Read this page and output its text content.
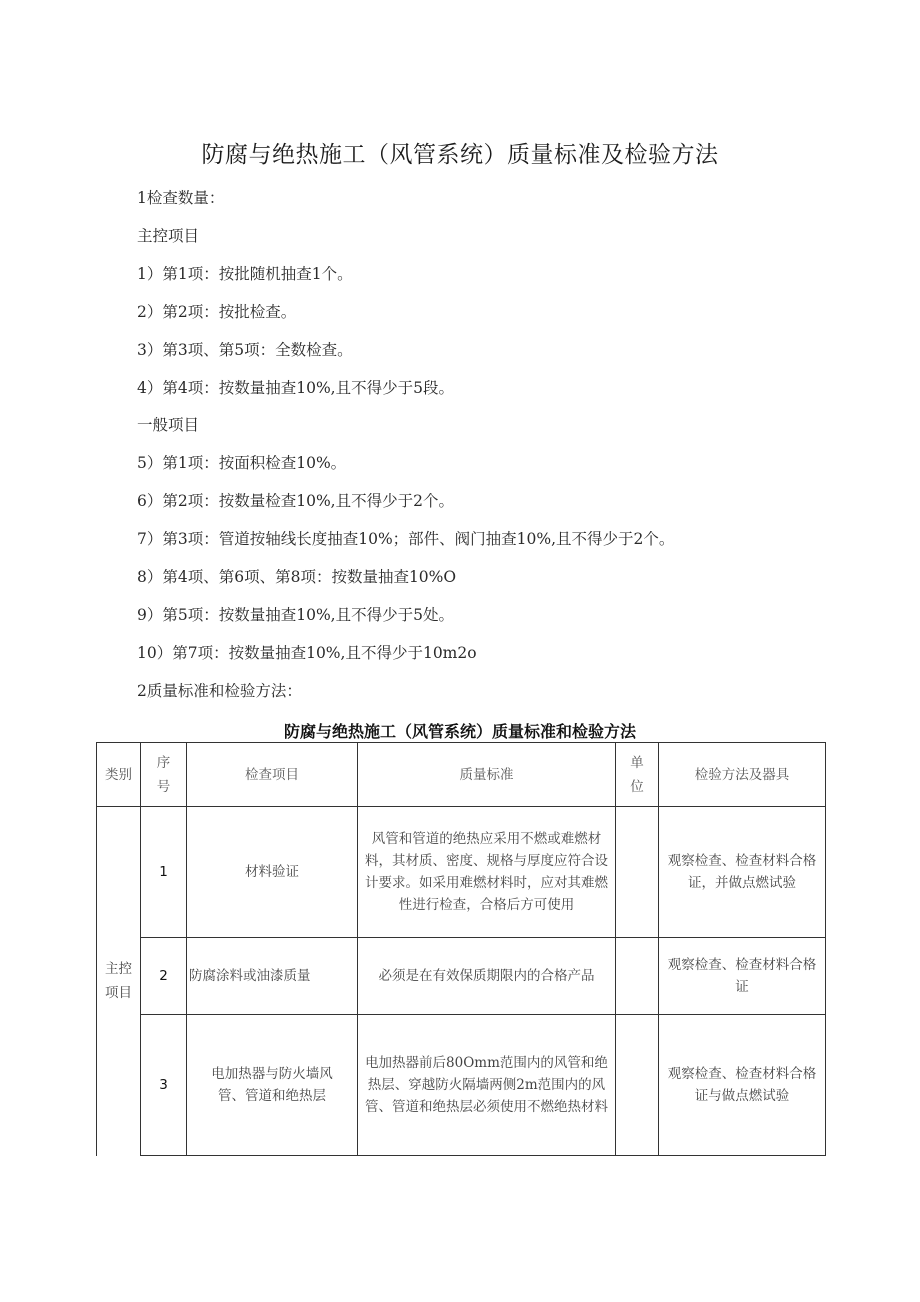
防腐与绝热施工（风管系统）质量标准及检验方法
1检查数量：
主控项目
1）第1项：按批随机抽查1个。
2）第2项：按批检查。
3）第3项、第5项：全数检查。
4）第4项：按数量抽查10%,且不得少于5段。
一般项目
5）第1项：按面积检查10%。
6）第2项：按数量检查10%,且不得少于2个。
7）第3项：管道按轴线长度抽查10%；部件、阀门抽查10%,且不得少于2个。
8）第4项、第6项、第8项：按数量抽查10%O
9）第5项：按数量抽查10%,且不得少于5处。
10）第7项：按数量抽查10%,且不得少于10m2o
2质量标准和检验方法：
防腐与绝热施工（风管系统）质量标准和检验方法
类别	序号	检查项目	质量标准	单位	检验方法及器具

主控项目	1	材料验证	风管和管道的绝热应采用不燃或难燃材料，其材质、密度、规格与厚度应符合设计要求。如采用难燃材料时，应对其难燃性进行检查，合格后方可使用		观察检查、检查材料合格证，并做点燃试验
	2	防腐涂料或油漆质量	必须是在有效保质期限内的合格产品		观察检查、检查材料合格证
	3	电加热器与防火墙风管、管道和绝热层	电加热器前后80Omm范围内的风管和绝热层、穿越防火隔墙两侧2m范围内的风管、管道和绝热层必须使用不燃绝热材料		观察检查、检查材料合格证与做点燃试验
